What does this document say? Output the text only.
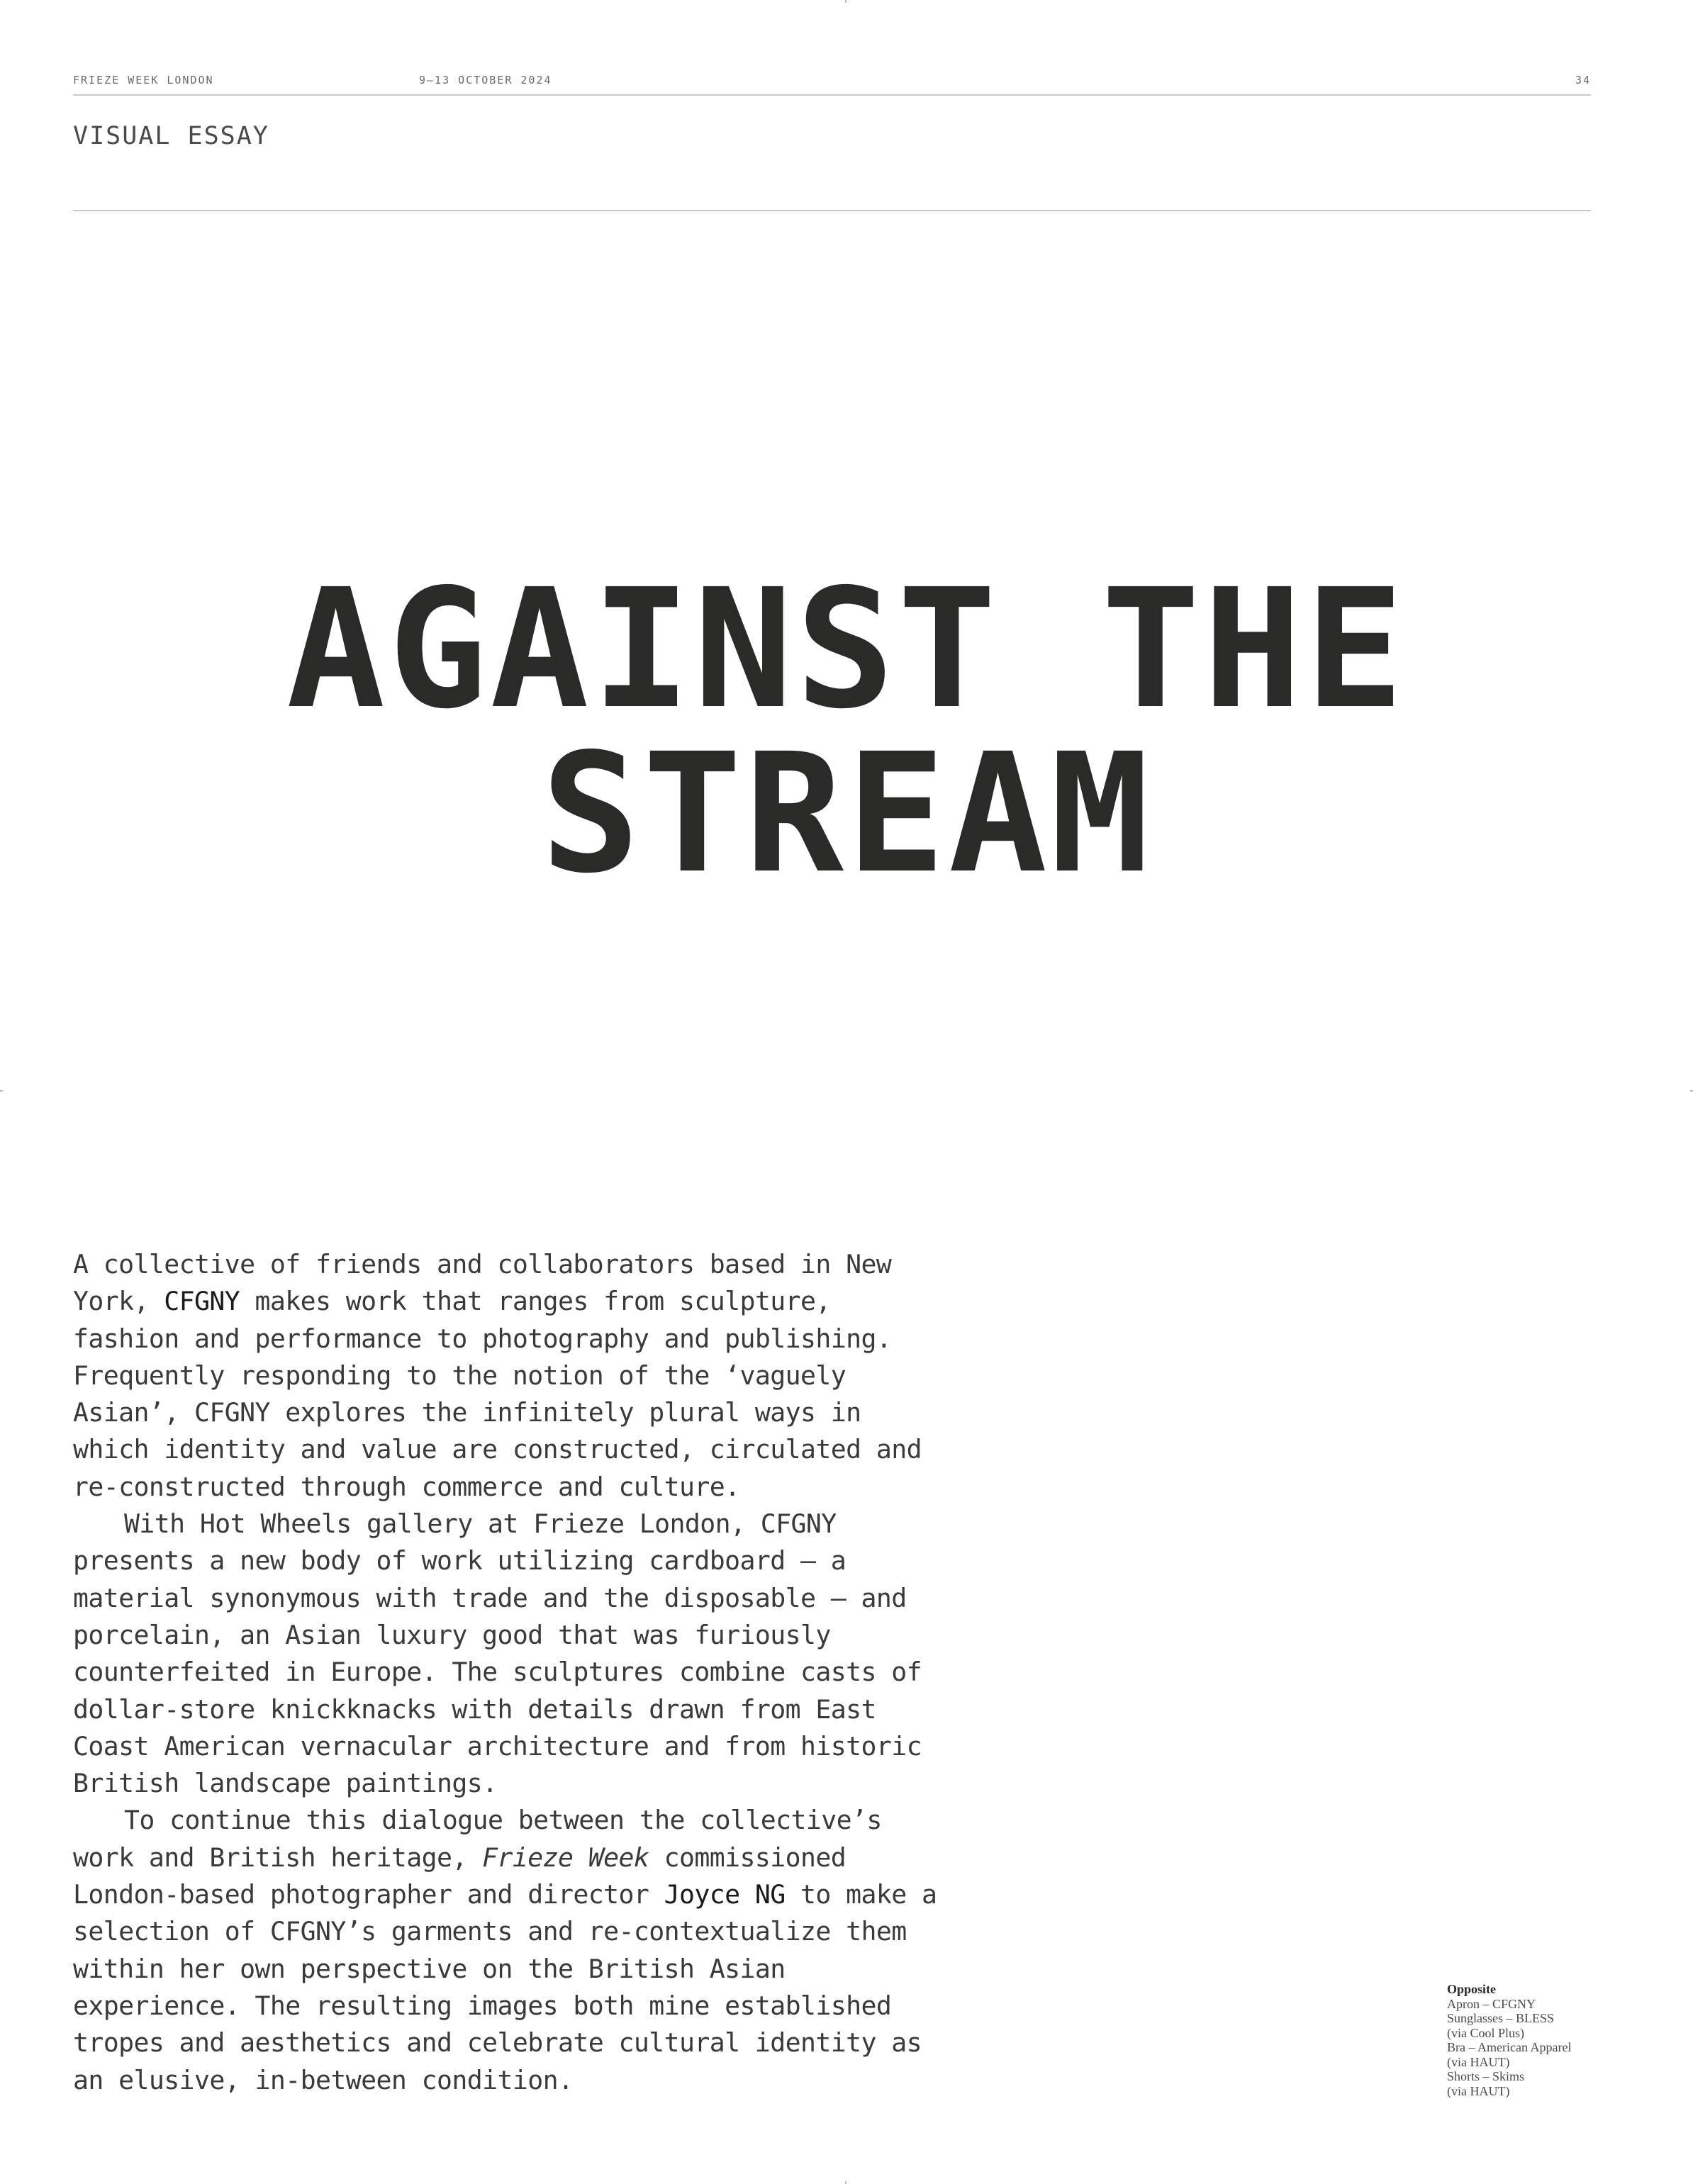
FRIEZE WEEK LONDON	9–13 OCTOBER 2024	34
VISUAL ESSAY
AGAINST THE
STREAM

A collective of friends and collaborators based in New York, CFGNY makes work that ranges from sculpture, fashion and performance to photography and publishing. Frequently responding to the notion of the ‘vaguely Asian’, CFGNY explores the infinitely plural ways in which identity and value are constructed, circulated and re-constructed through commerce and culture.

With Hot Wheels gallery at Frieze London, CFGNY presents a new body of work utilizing cardboard – a material synonymous with trade and the disposable – and porcelain, an Asian luxury good that was furiously counterfeited in Europe. The sculptures combine casts of dollar-store knickknacks with details drawn from East Coast American vernacular architecture and from historic British landscape paintings.

To continue this dialogue between the collective’s work and British heritage, Frieze Week commissioned London-based photographer and director Joyce NG to make a selection of CFGNY’s garments and re-contextualize them within her own perspective on the British Asian experience. The resulting images both mine established tropes and aesthetics and celebrate cultural identity as an elusive, in-between condition.

Opposite
Apron – CFGNY
Sunglasses – BLESS
(via Cool Plus)
Bra – American Apparel
(via HAUT)
Shorts – Skims
(via HAUT)
